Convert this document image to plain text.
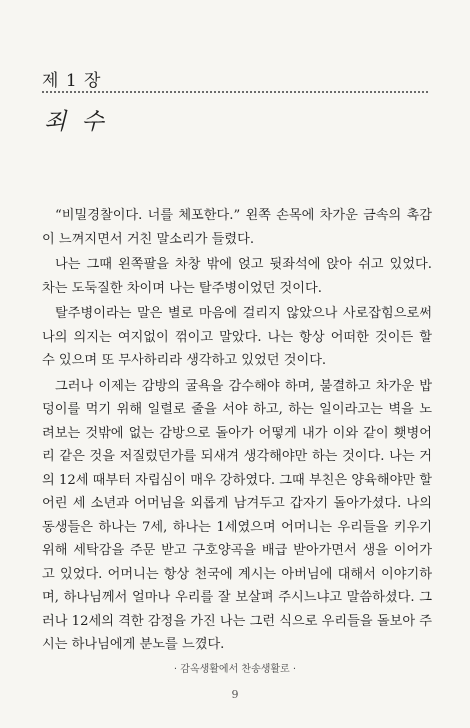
제 1 장
죄 수

“비밀경찰이다. 너를 체포한다.” 왼쪽 손목에 차가운 금속의 촉감이 느껴지면서 거친 말소리가 들렸다.

나는 그때 왼쪽팔을 차창 밖에 얹고 뒷좌석에 앉아 쉬고 있었다. 차는 도둑질한 차이며 나는 탈주병이었던 것이다.

탈주병이라는 말은 별로 마음에 걸리지 않았으나 사로잡힘으로써 나의 의지는 여지없이 꺾이고 말았다. 나는 항상 어떠한 것이든 할 수 있으며 또 무사하리라 생각하고 있었던 것이다.

그러나 이제는 감방의 굴욕을 감수해야 하며, 불결하고 차가운 밥덩이를 먹기 위해 일렬로 줄을 서야 하고, 하는 일이라고는 벽을 노려보는 것밖에 없는 감방으로 돌아가 어떻게 내가 이와 같이 횃병어리 같은 것을 저질렀던가를 되새겨 생각해야만 하는 것이다. 나는 거의 12세 때부터 자립심이 매우 강하였다. 그때 부친은 양육해야만 할 어린 세 소년과 어머님을 외롭게 남겨두고 갑자기 돌아가셨다. 나의 동생들은 하나는 7세, 하나는 1세였으며 어머니는 우리들을 키우기 위해 세탁감을 주문 받고 구호양곡을 배급 받아가면서 생을 이어가고 있었다. 어머니는 항상 천국에 계시는 아버님에 대해서 이야기하며, 하나님께서 얼마나 우리를 잘 보살펴 주시느냐고 말씀하셨다. 그러나 12세의 격한 감정을 가진 나는 그런 식으로 우리들을 돌보아 주시는 하나님에게 분노를 느꼈다.

· 감옥생활에서 찬송생활로 ·
9
